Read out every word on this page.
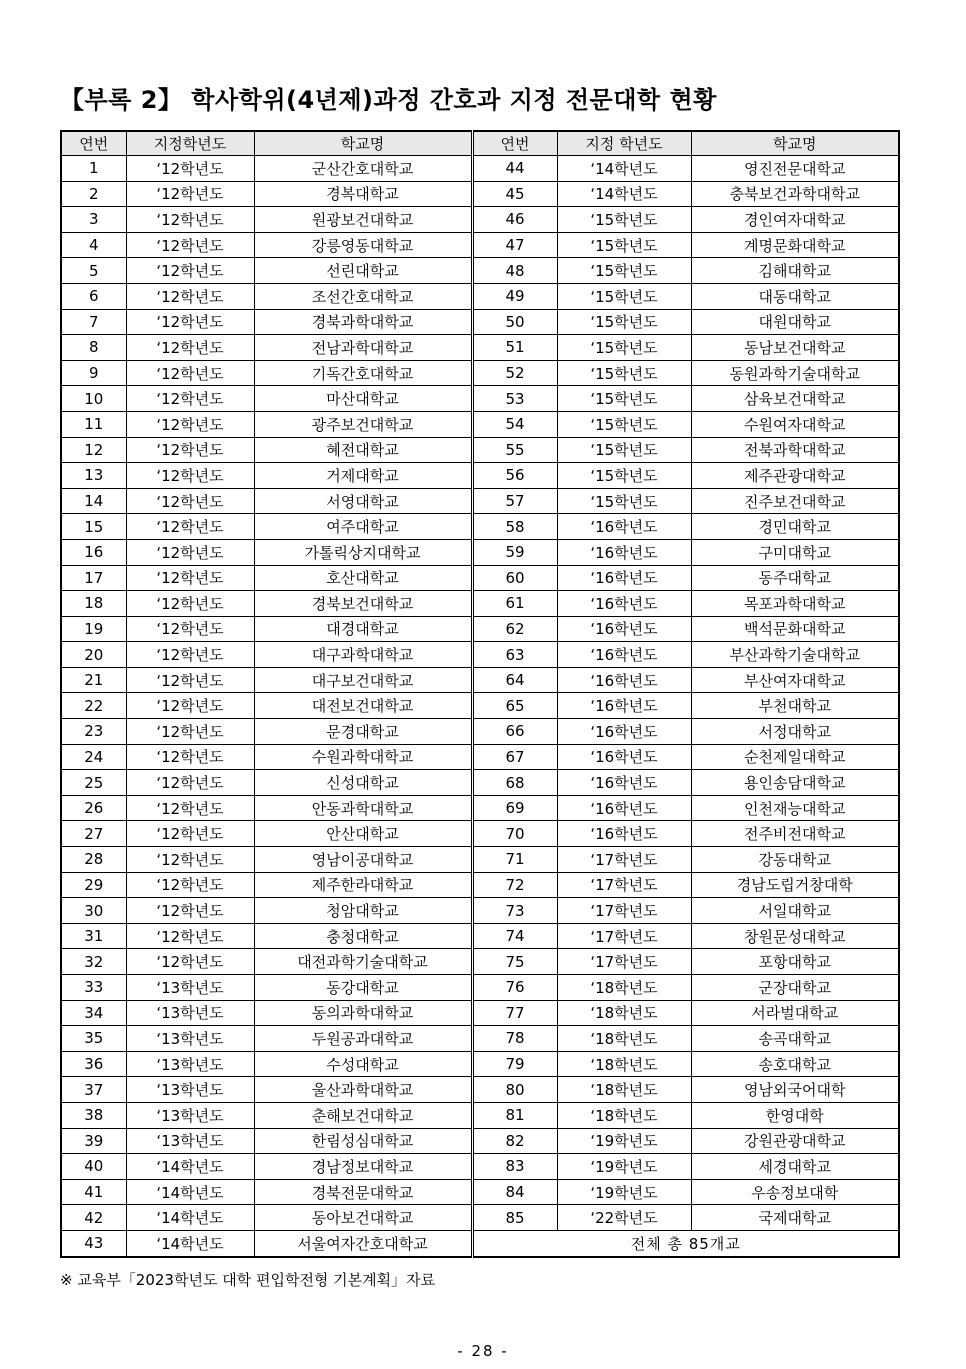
【부록 2】 학사학위(4년제)과정 간호과 지정 전문대학 현황
연번	지정학년도	학교명	연번	지정 학년도	학교명
1	‘12학년도	군산간호대학교	44	‘14학년도	영진전문대학교
2	‘12학년도	경복대학교	45	‘14학년도	충북보건과학대학교
3	‘12학년도	원광보건대학교	46	‘15학년도	경인여자대학교
4	‘12학년도	강릉영동대학교	47	‘15학년도	계명문화대학교
5	‘12학년도	선린대학교	48	‘15학년도	김해대학교
6	‘12학년도	조선간호대학교	49	‘15학년도	대동대학교
7	‘12학년도	경북과학대학교	50	‘15학년도	대원대학교
8	‘12학년도	전남과학대학교	51	‘15학년도	동남보건대학교
9	‘12학년도	기독간호대학교	52	‘15학년도	동원과학기술대학교
10	‘12학년도	마산대학교	53	‘15학년도	삼육보건대학교
11	‘12학년도	광주보건대학교	54	‘15학년도	수원여자대학교
12	‘12학년도	혜전대학교	55	‘15학년도	전북과학대학교
13	‘12학년도	거제대학교	56	‘15학년도	제주관광대학교
14	‘12학년도	서영대학교	57	‘15학년도	진주보건대학교
15	‘12학년도	여주대학교	58	‘16학년도	경민대학교
16	‘12학년도	가톨릭상지대학교	59	‘16학년도	구미대학교
17	‘12학년도	호산대학교	60	‘16학년도	동주대학교
18	‘12학년도	경북보건대학교	61	‘16학년도	목포과학대학교
19	‘12학년도	대경대학교	62	‘16학년도	백석문화대학교
20	‘12학년도	대구과학대학교	63	‘16학년도	부산과학기술대학교
21	‘12학년도	대구보건대학교	64	‘16학년도	부산여자대학교
22	‘12학년도	대전보건대학교	65	‘16학년도	부천대학교
23	‘12학년도	문경대학교	66	‘16학년도	서정대학교
24	‘12학년도	수원과학대학교	67	‘16학년도	순천제일대학교
25	‘12학년도	신성대학교	68	‘16학년도	용인송담대학교
26	‘12학년도	안동과학대학교	69	‘16학년도	인천재능대학교
27	‘12학년도	안산대학교	70	‘16학년도	전주비전대학교
28	‘12학년도	영남이공대학교	71	‘17학년도	강동대학교
29	‘12학년도	제주한라대학교	72	‘17학년도	경남도립거창대학
30	‘12학년도	청암대학교	73	‘17학년도	서일대학교
31	‘12학년도	충청대학교	74	‘17학년도	창원문성대학교
32	‘12학년도	대전과학기술대학교	75	‘17학년도	포항대학교
33	‘13학년도	동강대학교	76	‘18학년도	군장대학교
34	‘13학년도	동의과학대학교	77	‘18학년도	서라벌대학교
35	‘13학년도	두원공과대학교	78	‘18학년도	송곡대학교
36	‘13학년도	수성대학교	79	‘18학년도	송호대학교
37	‘13학년도	울산과학대학교	80	‘18학년도	영남외국어대학
38	‘13학년도	춘해보건대학교	81	‘18학년도	한영대학
39	‘13학년도	한림성심대학교	82	‘19학년도	강원관광대학교
40	‘14학년도	경남정보대학교	83	‘19학년도	세경대학교
41	‘14학년도	경북전문대학교	84	‘19학년도	우송정보대학
42	‘14학년도	동아보건대학교	85	‘22학년도	국제대학교
43	‘14학년도	서울여자간호대학교	전체 총 85개교		
※ 교육부「2023학년도 대학 편입학전형 기본계획」자료
- 28 -
